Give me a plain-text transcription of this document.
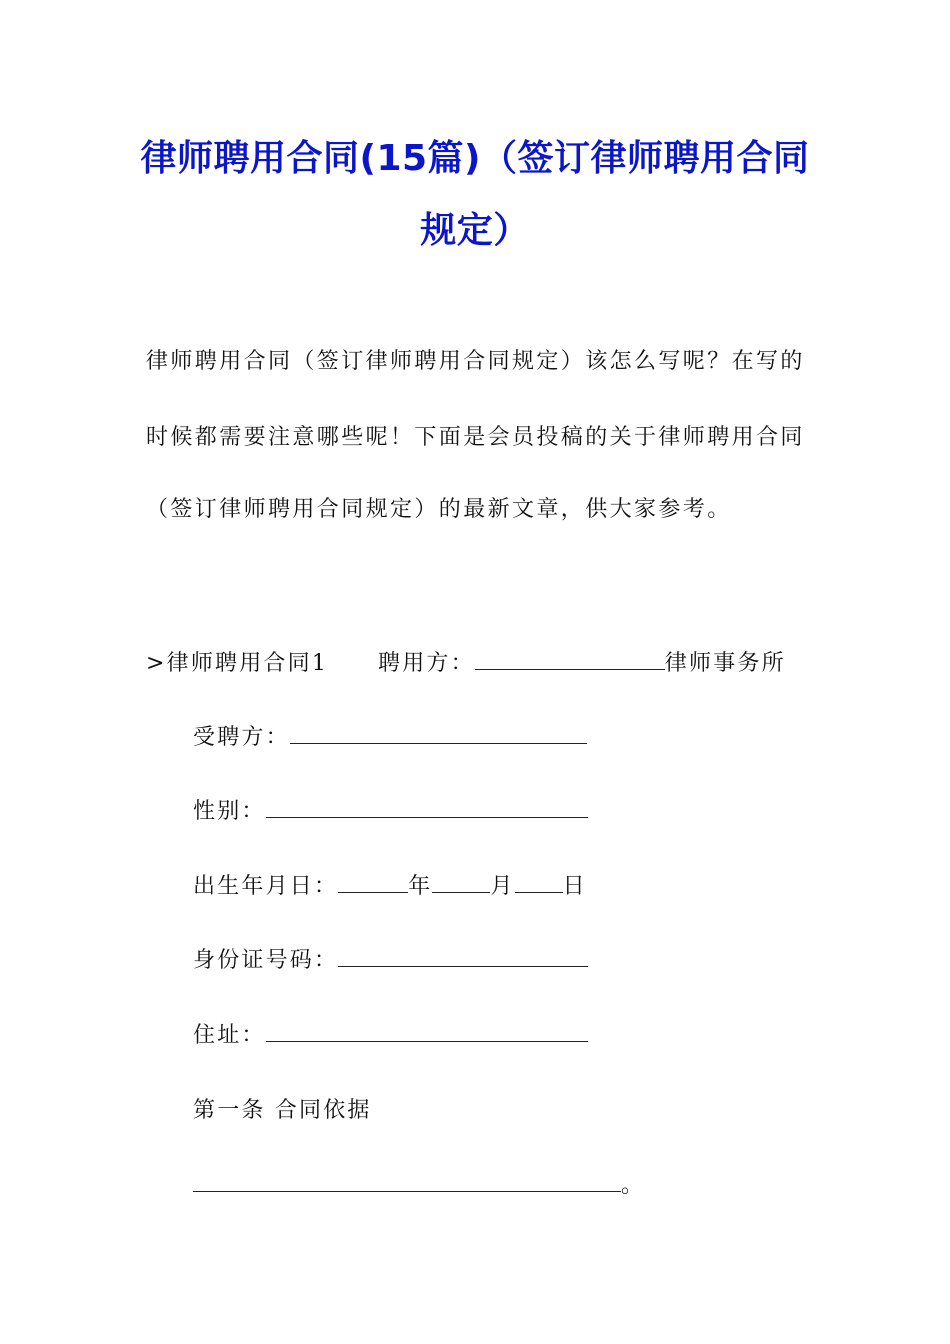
律师聘用合同(15篇)（签订律师聘用合同
规定）

律师聘用合同（签订律师聘用合同规定）该怎么写呢？在写的

时候都需要注意哪些呢！下面是会员投稿的关于律师聘用合同

（签订律师聘用合同规定）的最新文章，供大家参考。

>律师聘用合同1 聘用方：	律师事务所
受聘方：
性别：
出生年月日：	年	月 日
身份证号码：
住址：
第一条 合同依据
。
